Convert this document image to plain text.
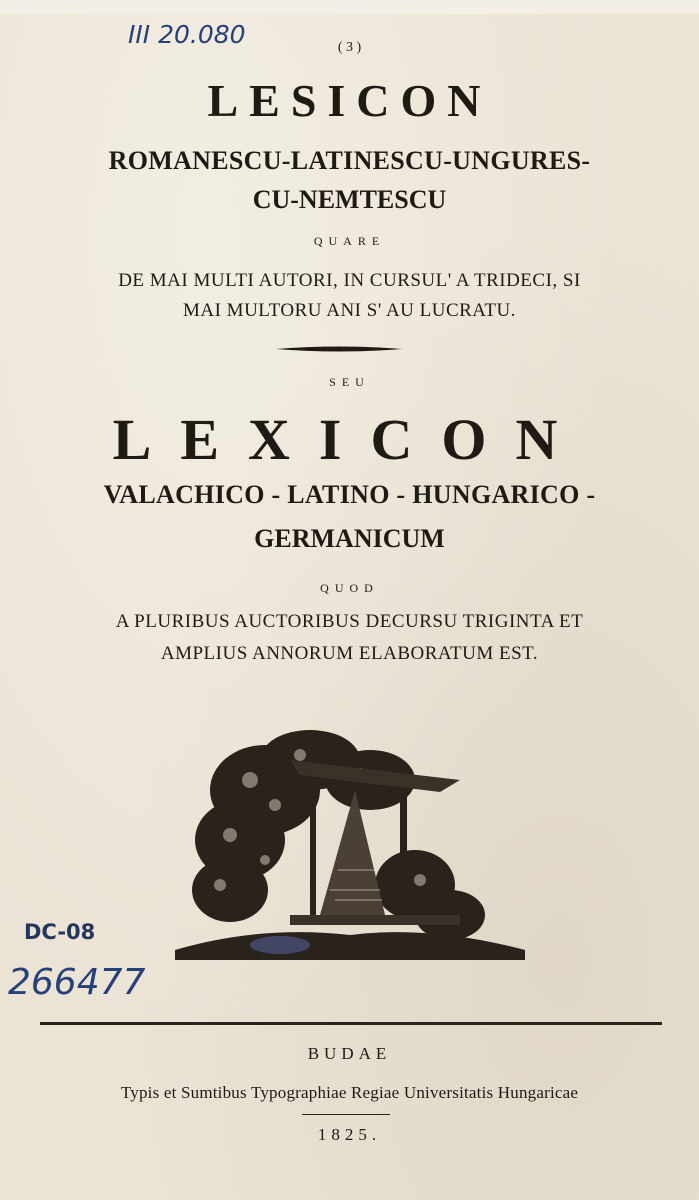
III 20.080	( 3 )
LESICON
ROMANESCU-LATINESCU-UNGURES-
CU-NEMTESCU
QUARE
DE MAI MULTI AUTORI, IN CURSUL' A TRIDECI, SI
MAI MULTORU ANI S' AU LUCRATU.
SEU
LEXICON
VALACHICO - LATINO - HUNGARICO -
GERMANICUM
QUOD
A PLURIBUS AUCTORIBUS DECURSU TRIGINTA ET
AMPLIUS ANNORUM ELABORATUM EST.
DC-08
266477
BUDAE
Typis et Sumtibus Typographiae Regiae Universitatis Hungaricae
1825.
